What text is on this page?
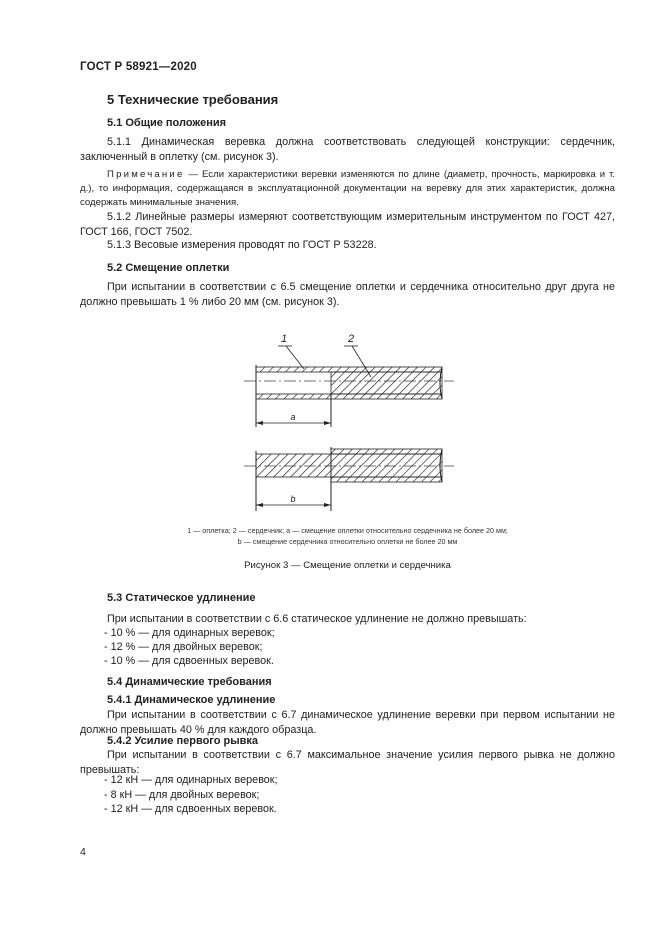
ГОСТ Р 58921—2020
5 Технические требования
5.1 Общие положения
5.1.1 Динамическая веревка должна соответствовать следующей конструкции: сердечник, заключенный в оплетку (см. рисунок 3).
Примечание — Если характеристики веревки изменяются по длине (диаметр, прочность, маркировка и т. д.), то информация, содержащаяся в эксплуатационной документации на веревку для этих характеристик, должна содержать минимальные значения.
5.1.2 Линейные размеры измеряют соответствующим измерительным инструментом по ГОСТ 427, ГОСТ 166, ГОСТ 7502.
5.1.3 Весовые измерения проводят по ГОСТ Р 53228.
5.2 Смещение оплетки
При испытании в соответствии с 6.5 смещение оплетки и сердечника относительно друг друга не должно превышать 1 % либо 20 мм (см. рисунок 3).
a
1	2
b
1 — оплетка; 2 — сердечник; a — смещение оплетки относительно сердечника не более 20 мм;
b — смещение сердечника относительно оплетки не более 20 мм
Рисунок 3 — Смещение оплетки и сердечника
5.3 Статическое удлинение
При испытании в соответствии с 6.6 статическое удлинение не должно превышать:
- 10 % — для одинарных веревок;
- 12 % — для двойных веревок;
- 10 % — для сдвоенных веревок.
5.4 Динамические требования
5.4.1 Динамическое удлинение
При испытании в соответствии с 6.7 динамическое удлинение веревки при первом испытании не должно превышать 40 % для каждого образца.
5.4.2 Усилие первого рывка
При испытании в соответствии с 6.7 максимальное значение усилия первого рывка не должно превышать:
- 12 кН — для одинарных веревок;
- 8 кН — для двойных веревок;
- 12 кН — для сдвоенных веревок.
4
